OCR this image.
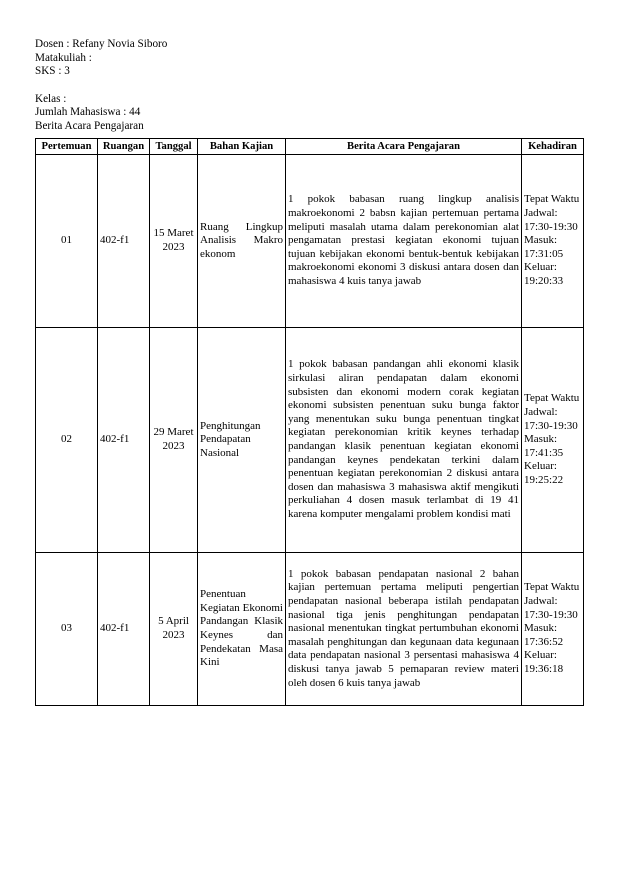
Dosen : Refany Novia Siboro
Matakuliah :
SKS : 3
Kelas :
Jumlah Mahasiswa : 44
Berita Acara Pengajaran
Pertemuan	Ruangan	Tanggal	Bahan Kajian	Berita Acara Pengajaran	Kehadiran
01	402-f1	15 Maret 2023	Ruang Lingkup Analisis Makro ekonom	1 pokok babasan ruang lingkup analisis makroekonomi 2 babsn kajian pertemuan pertama meliputi masalah utama dalam perekonomian alat pengamatan prestasi kegiatan ekonomi tujuan tujuan kebijakan ekonomi bentuk-bentuk kebijakan makroekonomi ekonomi 3 diskusi antara dosen dan mahasiswa 4 kuis tanya jawab	Tepat Waktu Jadwal: 17:30-19:30 Masuk: 17:31:05 Keluar: 19:20:33
02	402-f1	29 Maret 2023	Penghitungan Pendapatan Nasional	1 pokok babasan pandangan ahli ekonomi klasik sirkulasi aliran pendapatan dalam ekonomi subsisten dan ekonomi modern corak kegiatan ekonomi subsisten penentuan suku bunga faktor yang menentukan suku bunga penentuan tingkat kegiatan perekonomian kritik keynes terhadap pandangan klasik penentuan kegiatan ekonomi pandangan keynes pendekatan terkini dalam penentuan kegiatan perekonomian 2 diskusi antara dosen dan mahasiswa 3 mahasiswa aktif mengikuti perkuliahan 4 dosen masuk terlambat di 19 41 karena komputer mengalami problem kondisi mati	Tepat Waktu Jadwal: 17:30-19:30 Masuk: 17:41:35 Keluar: 19:25:22
03	402-f1	5 April 2023	Penentuan Kegiatan Ekonomi Pandangan Klasik Keynes dan Pendekatan Masa Kini	1 pokok babasan pendapatan nasional 2 bahan kajian pertemuan pertama meliputi pengertian pendapatan nasional beberapa istilah pendapatan nasional tiga jenis penghitungan pendapatan nasional menentukan tingkat pertumbuhan ekonomi masalah penghitungan dan kegunaan data kegunaan data pendapatan nasional 3 persentasi mahasiswa 4 diskusi tanya jawab 5 pemaparan review materi oleh dosen 6 kuis tanya jawab	Tepat Waktu Jadwal: 17:30-19:30 Masuk: 17:36:52 Keluar: 19:36:18
